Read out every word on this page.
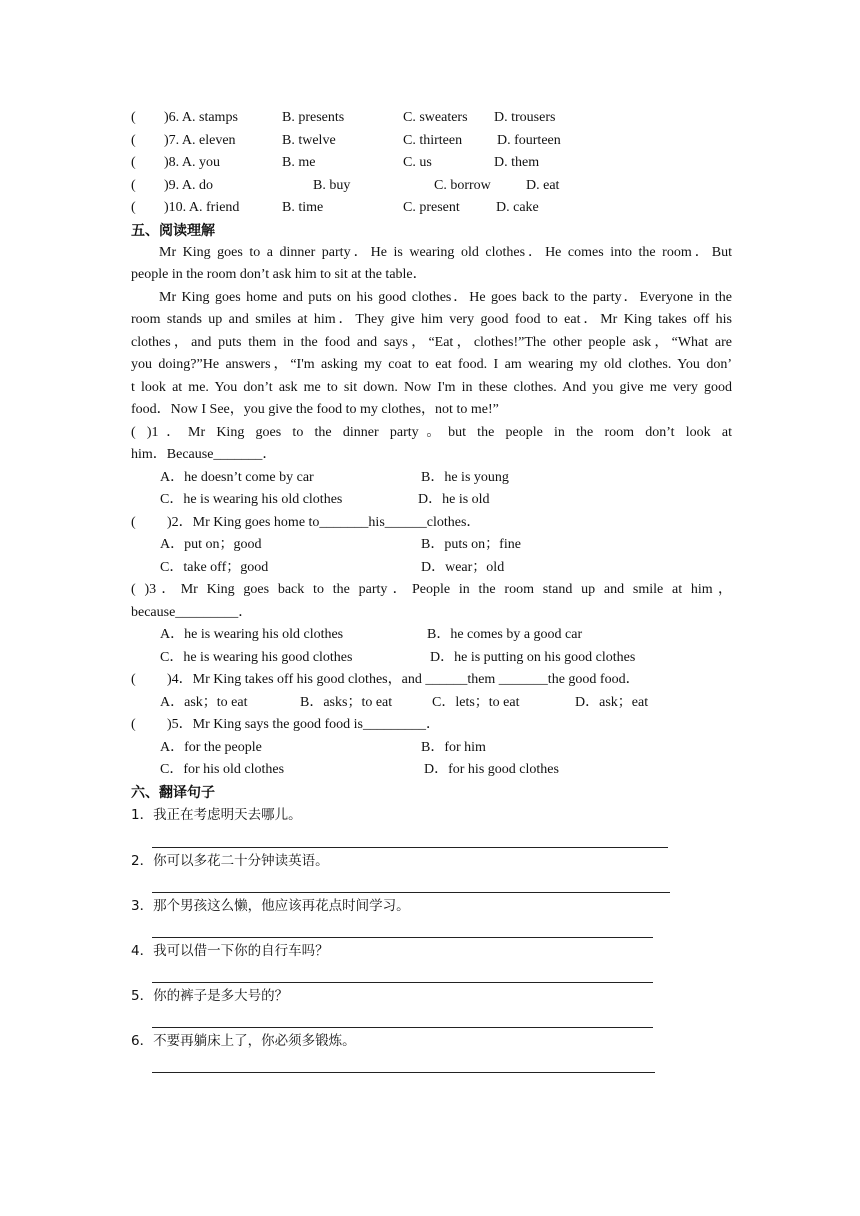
( )6. A. stamps	B. presents	C. sweaters D. trousers
( )7. A. eleven	B. twelve	C. thirteen D. fourteen
( )8. A. you	B. me	C. us	D. them
( )9. A. do	B. buy	C. borrow	D. eat
( )10. A. friend	B. time	C. present	D. cake
五、阅读理解
Mr King goes to a dinner party．He is wearing old clothes．He comes into the room．But
people in the room don’t ask him to sit at the table．
Mr King goes home and puts on his good clothes．He goes back to the party．Everyone in the
room stands up and smiles at him．They give him very good food to eat．Mr King takes off his
clothes，and puts them in the food and says，“Eat，clothes!”The other people ask，“What are
you doing?”He answers，“I'm asking my coat to eat food. I am wearing my old clothes. You don’
t look at me. You don’t ask me to sit down. Now I'm in these clothes. And you give me very good
food．Now I See，you give the food to my clothes，not to me!”
( )1．Mr King goes to the dinner party。but the people in the room don’t look at
him．Because_______．
A．he doesn’t come by car	B．he is young
C．he is wearing his old clothes	D．he is old
( )2．Mr King goes home to_______his______clothes．
A．put on；good	B．puts on；fine
C．take off；good	D．wear；old
( )3．Mr King goes back to the party．People in the room stand up and smile at him，
because_________．
A．he is wearing his old clothes	B．he comes by a good car
C．he is wearing his good clothes	D．he is putting on his good clothes
( )4．Mr King takes off his good clothes，and ______them _______the good food．
A．ask；to eat	B．asks；to eat	C．lets；to eat	D．ask；eat
( )5．Mr King says the good food is_________．
A．for the people	B．for him
C．for his old clothes	D．for his good clothes
六、翻译句子
1．我正在考虑明天去哪儿。
2．你可以多花二十分钟读英语。
3．那个男孩这么懒，他应该再花点时间学习。
4．我可以借一下你的自行车吗？
5．你的裤子是多大号的？
6．不要再躺床上了，你必须多锻炼。
